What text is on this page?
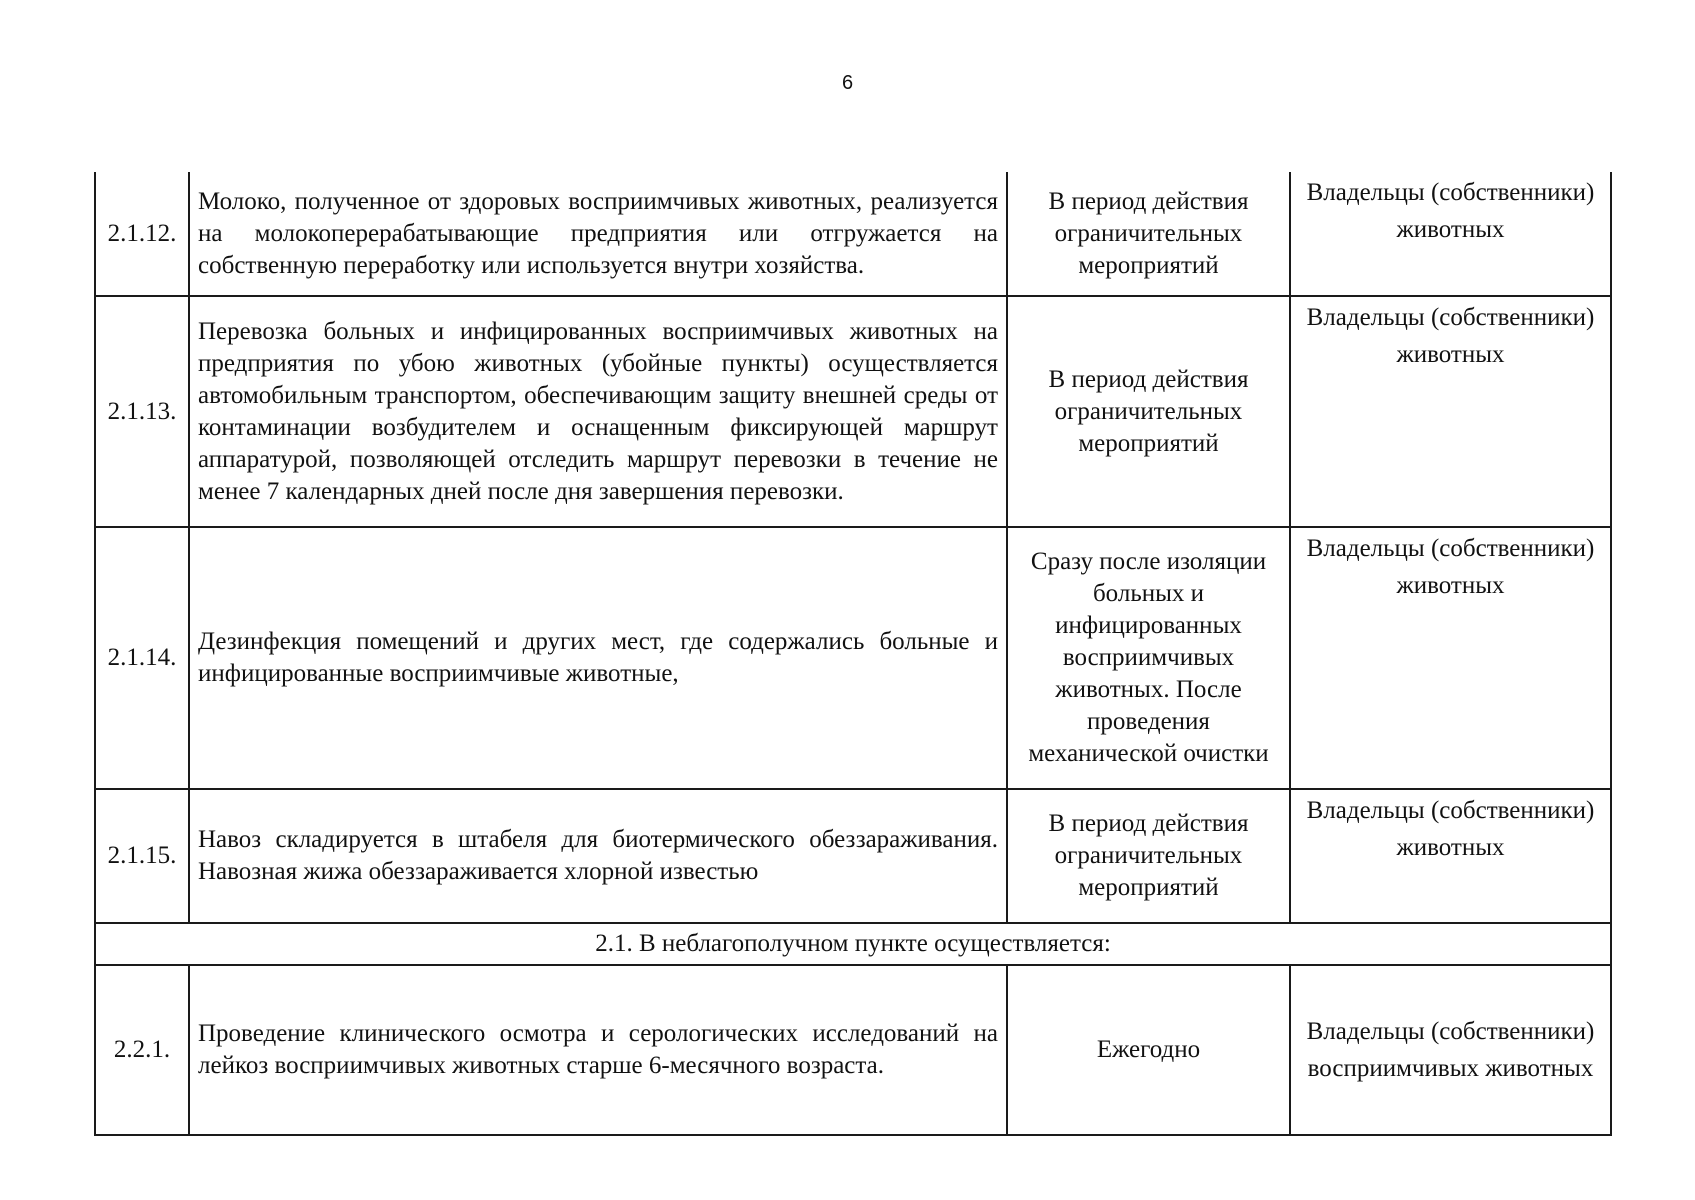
6
2.1.12.	Молоко, полученное от здоровых восприимчивых животных, реализуется на молокоперерабатывающие предприятия или отгружается на собственную переработку или используется внутри хозяйства.	В период действия ограничительных мероприятий	Владельцы (собственники) животных
2.1.13.	Перевозка больных и инфицированных восприимчивых животных на предприятия по убою животных (убойные пункты) осуществляется автомобильным транспортом, обеспечивающим защиту внешней среды от контаминации возбудителем и оснащенным фиксирующей маршрут аппаратурой, позволяющей отследить маршрут перевозки в течение не менее 7 календарных дней после дня завершения перевозки.	В период действия ограничительных мероприятий	Владельцы (собственники) животных
2.1.14.	Дезинфекция помещений и других мест, где содержались больные и инфицированные восприимчивые животные,	Сразу после изоляции больных и инфицированных восприимчивых животных. После проведения механической очистки	Владельцы (собственники) животных
2.1.15.	Навоз складируется в штабеля для биотермического обеззараживания. Навозная жижа обеззараживается хлорной известью	В период действия ограничительных мероприятий	Владельцы (собственники) животных
2.1. В неблагополучном пункте осуществляется:			
2.2.1.	Проведение клинического осмотра и серологических исследований на лейкоз восприимчивых животных старше 6-месячного возраста.	Ежегодно	Владельцы (собственники) восприимчивых животных
